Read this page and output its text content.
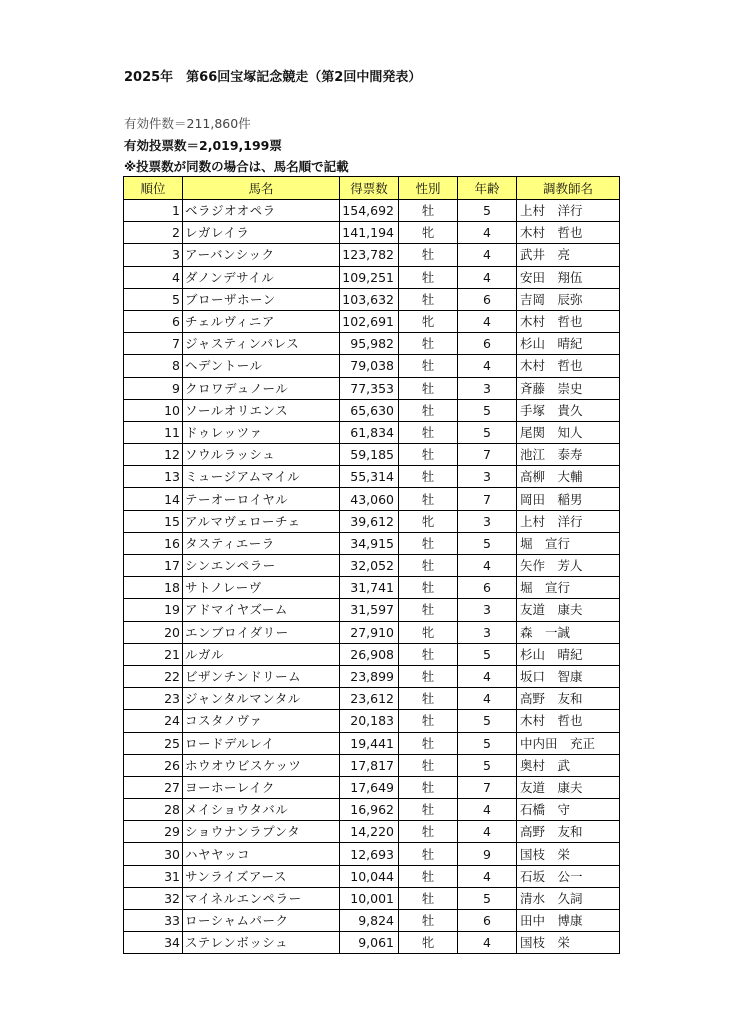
2025年　第66回宝塚記念競走（第2回中間発表）
有効件数＝211,860件
有効投票数＝2,019,199票
※投票数が同数の場合は、馬名順で記載
順位	馬名	得票数	性別	年齢	調教師名
1	ベラジオオペラ	154,692	牡	5	上村　洋行
2	レガレイラ	141,194	牝	4	木村　哲也
3	アーバンシック	123,782	牡	4	武井　亮
4	ダノンデサイル	109,251	牡	4	安田　翔伍
5	ブローザホーン	103,632	牡	6	吉岡　辰弥
6	チェルヴィニア	102,691	牝	4	木村　哲也
7	ジャスティンパレス	95,982	牡	6	杉山　晴紀
8	ヘデントール	79,038	牡	4	木村　哲也
9	クロワデュノール	77,353	牡	3	斉藤　崇史
10	ソールオリエンス	65,630	牡	5	手塚　貴久
11	ドゥレッツァ	61,834	牡	5	尾関　知人
12	ソウルラッシュ	59,185	牡	7	池江　泰寿
13	ミュージアムマイル	55,314	牡	3	高柳　大輔
14	テーオーロイヤル	43,060	牡	7	岡田　稲男
15	アルマヴェローチェ	39,612	牝	3	上村　洋行
16	タスティエーラ	34,915	牡	5	堀　宣行
17	シンエンペラー	32,052	牡	4	矢作　芳人
18	サトノレーヴ	31,741	牡	6	堀　宣行
19	アドマイヤズーム	31,597	牡	3	友道　康夫
20	エンブロイダリー	27,910	牝	3	森　一誠
21	ルガル	26,908	牡	5	杉山　晴紀
22	ビザンチンドリーム	23,899	牡	4	坂口　智康
23	ジャンタルマンタル	23,612	牡	4	高野　友和
24	コスタノヴァ	20,183	牡	5	木村　哲也
25	ロードデルレイ	19,441	牡	5	中内田　充正
26	ホウオウビスケッツ	17,817	牡	5	奥村　武
27	ヨーホーレイク	17,649	牡	7	友道　康夫
28	メイショウタバル	16,962	牡	4	石橋　守
29	ショウナンラプンタ	14,220	牡	4	高野　友和
30	ハヤヤッコ	12,693	牡	9	国枝　栄
31	サンライズアース	10,044	牡	4	石坂　公一
32	マイネルエンペラー	10,001	牡	5	清水　久詞
33	ローシャムパーク	9,824	牡	6	田中　博康
34	ステレンボッシュ	9,061	牝	4	国枝　栄
